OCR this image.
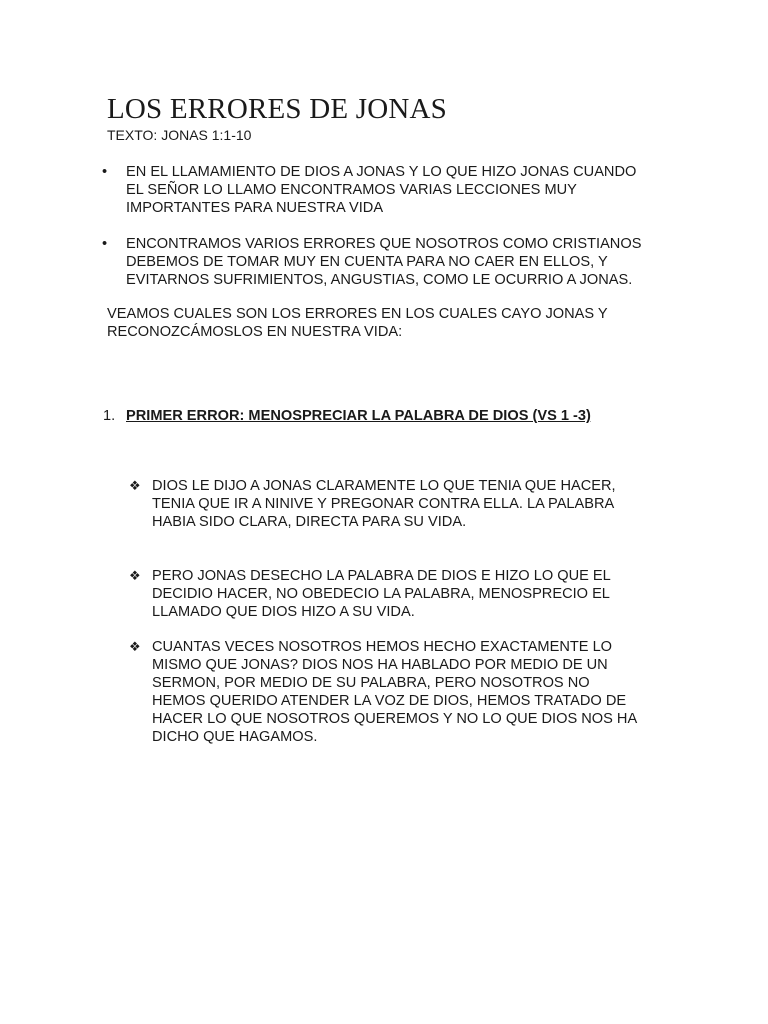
LOS ERRORES DE JONAS
TEXTO: JONAS 1:1-10
•	EN EL LLAMAMIENTO DE DIOS A JONAS Y LO QUE HIZO JONAS CUANDO

EL SEÑOR LO LLAMO ENCONTRAMOS VARIAS LECCIONES MUY

IMPORTANTES PARA NUESTRA VIDA

•	ENCONTRAMOS VARIOS ERRORES QUE NOSOTROS COMO CRISTIANOS

DEBEMOS DE TOMAR MUY EN CUENTA PARA NO CAER EN ELLOS, Y

EVITARNOS SUFRIMIENTOS, ANGUSTIAS, COMO LE OCURRIO A JONAS.

VEAMOS CUALES SON LOS ERRORES EN LOS CUALES CAYO JONAS Y

RECONOZCÁMOSLOS EN NUESTRA VIDA:

1. PRIMER ERROR: MENOSPRECIAR LA PALABRA DE DIOS (VS 1 -3)
❖ DIOS LE DIJO A JONAS CLARAMENTE LO QUE TENIA QUE HACER,

TENIA QUE IR A NINIVE Y PREGONAR CONTRA ELLA. LA PALABRA

HABIA SIDO CLARA, DIRECTA PARA SU VIDA.

❖ PERO JONAS DESECHO LA PALABRA DE DIOS E HIZO LO QUE EL

DECIDIO HACER, NO OBEDECIO LA PALABRA, MENOSPRECIO EL

LLAMADO QUE DIOS HIZO A SU VIDA.

❖ CUANTAS VECES NOSOTROS HEMOS HECHO EXACTAMENTE LO

MISMO QUE JONAS? DIOS NOS HA HABLADO POR MEDIO DE UN

SERMON, POR MEDIO DE SU PALABRA, PERO NOSOTROS NO

HEMOS QUERIDO ATENDER LA VOZ DE DIOS, HEMOS TRATADO DE

HACER LO QUE NOSOTROS QUEREMOS Y NO LO QUE DIOS NOS HA

DICHO QUE HAGAMOS.
